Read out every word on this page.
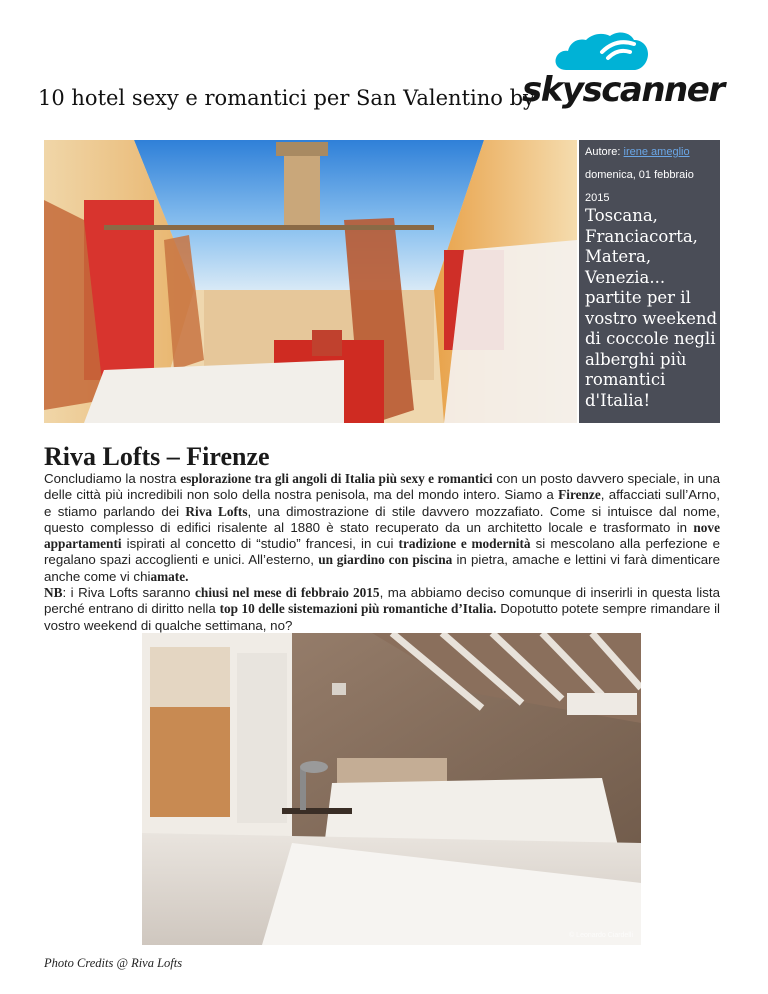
10 hotel sexy e romantici per San Valentino by
skyscanner
Autore: irene ameglio
domenica, 01 febbraio
2015
Toscana, Franciacorta, Matera, Venezia... partite per il vostro weekend di coccole negli alberghi più romantici d'Italia!
Riva Lofts – Firenze
Concludiamo la nostra esplorazione tra gli angoli di Italia più sexy e romantici con un posto davvero speciale, in una delle città più incredibili non solo della nostra penisola, ma del mondo intero. Siamo a Firenze, affacciati sull’Arno, e stiamo parlando dei Riva Lofts, una dimostrazione di stile davvero mozzafiato. Come si intuisce dal nome, questo complesso di edifici risalente al 1880 è stato recuperato da un architetto locale e trasformato in nove appartamenti ispirati al concetto di “studio” francesi, in cui tradizione e modernità si mescolano alla perfezione e regalano spazi accoglienti e unici. All’esterno, un giardino con piscina in pietra, amache e lettini vi farà dimenticare anche come vi chiamate.
NB: i Riva Lofts saranno chiusi nel mese di febbraio 2015, ma abbiamo deciso comunque di inserirli in questa lista perché entrano di diritto nella top 10 delle sistemazioni più romantiche d’Italia. Dopotutto potete sempre rimandare il vostro weekend di qualche settimana, no?
© Leonardo Ciardelli
Photo Credits @ Riva Lofts
